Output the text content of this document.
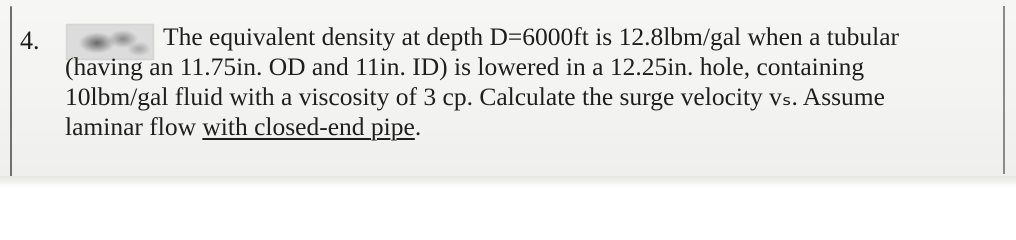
4.	The equivalent density at depth D=6000ft is 12.8lbm/gal when a tubular
(having an 11.75in. OD and 11in. ID) is lowered in a 12.25in. hole, containing
10lbm/gal fluid with a viscosity of 3 cp. Calculate the surge velocity vₛ. Assume
laminar flow with closed-end pipe.
